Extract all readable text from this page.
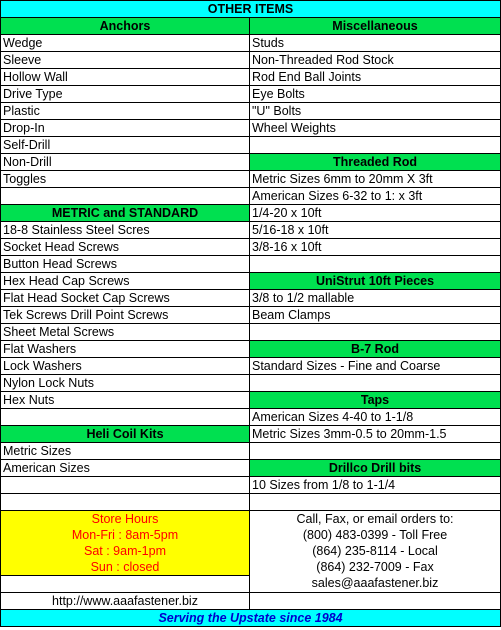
OTHER ITEMS	
Anchors	Miscellaneous
Wedge	Studs
Sleeve	Non-Threaded Rod Stock
Hollow Wall	Rod End Ball Joints
Drive Type	Eye Bolts
Plastic	"U" Bolts
Drop-In	Wheel Weights
Self-Drill	
Non-Drill	Threaded Rod
Toggles	Metric Sizes 6mm to 20mm X 3ft
	American Sizes 6-32 to 1: x 3ft
METRIC and STANDARD	1/4-20 x 10ft
18-8 Stainless Steel Scres	5/16-18 x 10ft
Socket Head Screws	3/8-16 x 10ft
Button Head Screws	
Hex Head Cap Screws	UniStrut 10ft Pieces
Flat Head Socket Cap Screws	3/8 to 1/2 mallable
Tek Screws Drill Point Screws	Beam Clamps
Sheet Metal Screws	
Flat Washers	B-7 Rod
Lock Washers	Standard Sizes - Fine and Coarse
Nylon Lock Nuts	
Hex Nuts	Taps
	American Sizes 4-40 to 1-1/8
Heli Coil Kits	Metric Sizes 3mm-0.5 to 20mm-1.5
Metric Sizes	
American Sizes	Drillco Drill bits
	10 Sizes from 1/8 to 1-1/4

Store Hours	Call, Fax, or email orders to:
Mon-Fri : 8am-5pm	(800) 483-0399 - Toll Free
Sat : 9am-1pm	(864) 235-8114 - Local
Sun : closed	(864) 232-7009 - Fax
	sales@aaafastener.biz
http://www.aaafastener.biz	
Serving the Upstate since 1984	
